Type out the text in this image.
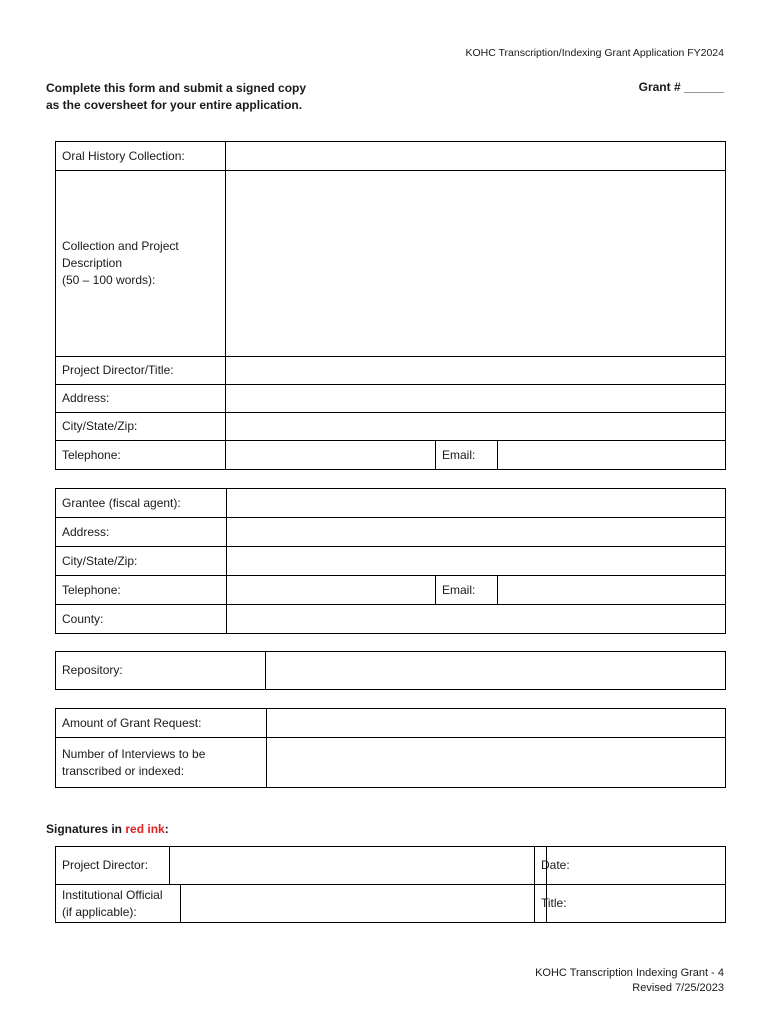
KOHC Transcription/Indexing Grant Application FY2024
Complete this form and submit a signed copy
as the coversheet for your entire application.
Grant # ______
Oral History Collection:			

Collection and Project
Description
(50 – 100 words):			

Project Director/Title:			
Address:			
City/State/Zip:			
Telephone:		Email:	
Grantee (fiscal agent):			
Address:			
City/State/Zip:			
Telephone:		Email:	
County:			
Repository:	
Amount of Grant Request:	

Number of Interviews to be
transcribed or indexed:	

Signatures in red ink:
Project Director:			Date:	

Institutional Official
(if applicable):			Title:	
KOHC Transcription Indexing Grant - 4
Revised 7/25/2023
